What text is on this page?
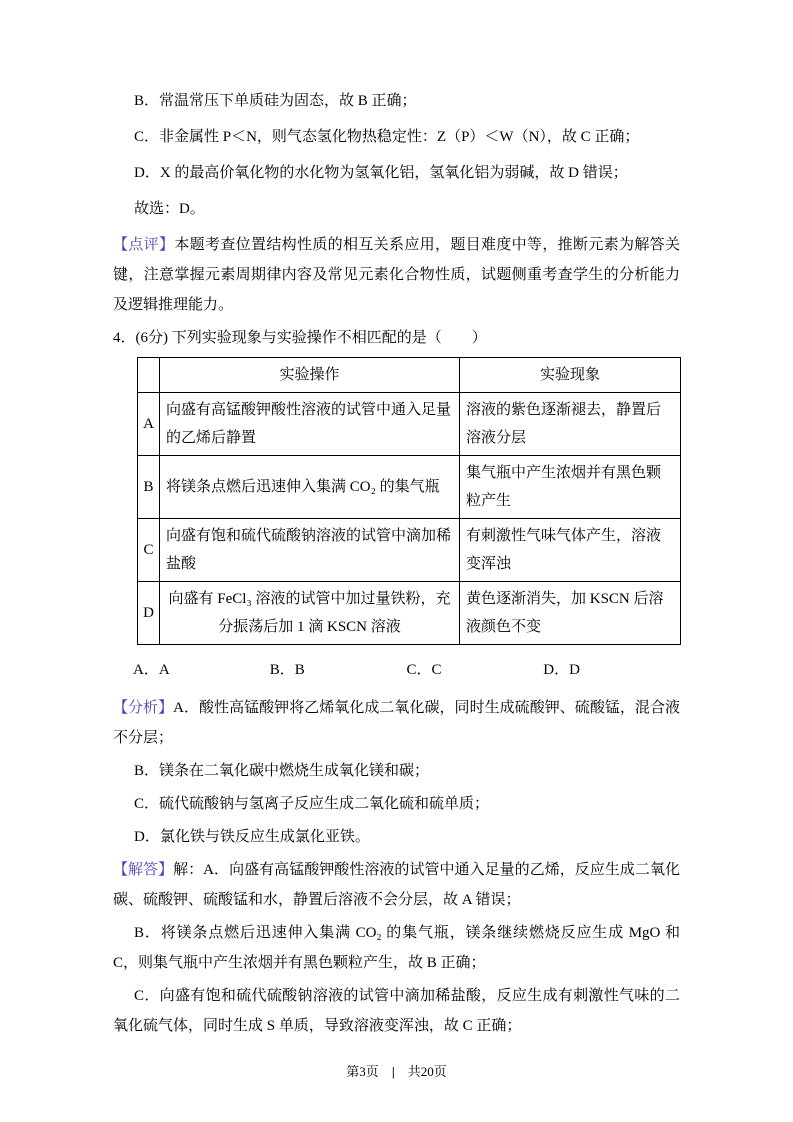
B．常温常压下单质硅为固态，故 B 正确；

C．非金属性 P＜N，则气态氢化物热稳定性：Z（P）＜W（N），故 C 正确；

D．X 的最高价氧化物的水化物为氢氧化铝，氢氧化铝为弱碱，故 D 错误；

故选：D。

【点评】本题考查位置结构性质的相互关系应用，题目难度中等，推断元素为解答关键，注意掌握元素周期律内容及常见元素化合物性质，试题侧重考查学生的分析能力及逻辑推理能力。

4．(6分) 下列实验现象与实验操作不相匹配的是（　　）

	实验操作	实验现象
A	向盛有高锰酸钾酸性溶液的试管中通入足量的乙烯后静置	溶液的紫色逐渐褪去，静置后溶液分层
B	将镁条点燃后迅速伸入集满 CO₂ 的集气瓶	集气瓶中产生浓烟并有黑色颗粒产生
C	向盛有饱和硫代硫酸钠溶液的试管中滴加稀盐酸	有刺激性气味气体产生，溶液变浑浊
D	向盛有 FeCl₃ 溶液的试管中加过量铁粉，充分振荡后加 1 滴 KSCN 溶液	黄色逐渐消失，加 KSCN 后溶液颜色不变
A．A	B．B	C．C	D．D

【分析】A．酸性高锰酸钾将乙烯氧化成二氧化碳，同时生成硫酸钾、硫酸锰，混合液不分层；

B．镁条在二氧化碳中燃烧生成氧化镁和碳；

C．硫代硫酸钠与氢离子反应生成二氧化硫和硫单质；

D．氯化铁与铁反应生成氯化亚铁。

【解答】解：A．向盛有高锰酸钾酸性溶液的试管中通入足量的乙烯，反应生成二氧化碳、硫酸钾、硫酸锰和水，静置后溶液不会分层，故 A 错误；

B．将镁条点燃后迅速伸入集满 CO₂ 的集气瓶，镁条继续燃烧反应生成 MgO 和 C，则集气瓶中产生浓烟并有黑色颗粒产生，故 B 正确；

C．向盛有饱和硫代硫酸钠溶液的试管中滴加稀盐酸，反应生成有刺激性气味的二氧化硫气体，同时生成 S 单质，导致溶液变浑浊，故 C 正确；

第3页 | 共20页
